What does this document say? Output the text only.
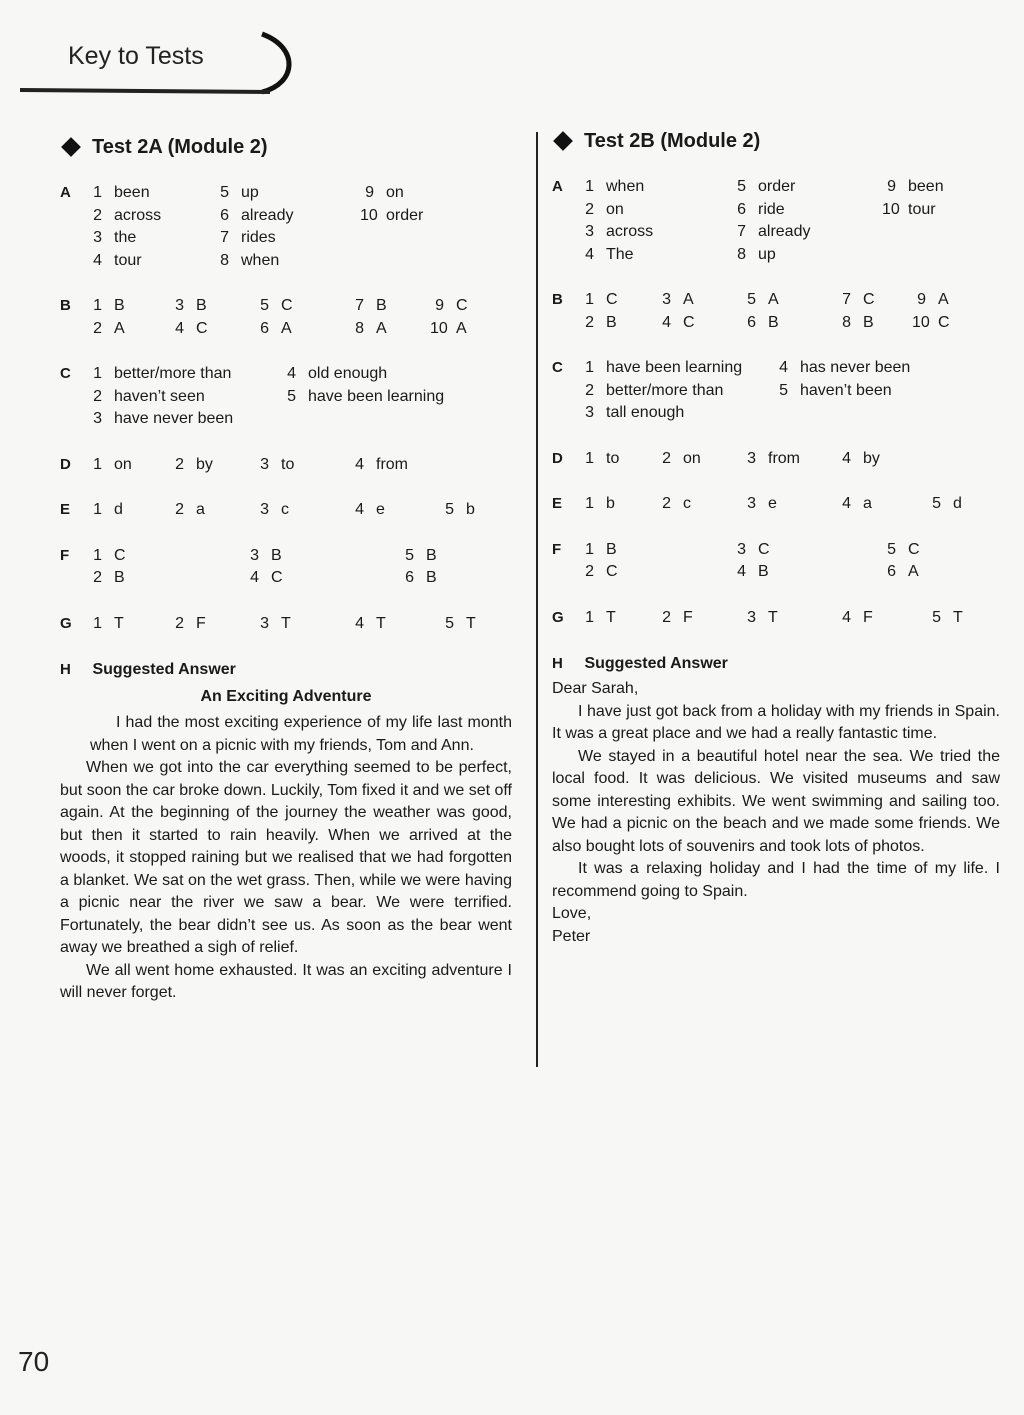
Key to Tests
Test 2A (Module 2)
A	1 been	5 up	9 on
2 across	6 already	10 order
3 the	7 rides
4 tour	8 when
B	1 B	3 B	5 C	7 B	9 C
2 A	4 C	6 A	8 A	10 A
C	1 better/more than	4 old enough
2 haven’t seen	5 have been learning
3 have never been
D	1 on	2 by	3 to	4 from
E	1 d	2 a	3 c	4 e	5 b
F	1 C	3 B	5 B
2 B	4 C	6 B
G	1 T	2 F	3 T	4 T	5 T
H Suggested Answer
An Exciting Adventure

I had the most exciting experience of my life last month when I went on a picnic with my friends, Tom and Ann.

When we got into the car everything seemed to be perfect, but soon the car broke down. Luckily, Tom fixed it and we set off again. At the beginning of the journey the weather was good, but then it started to rain heavily. When we arrived at the woods, it stopped raining but we realised that we had forgotten a blanket. We sat on the wet grass. Then, while we were having a picnic near the river we saw a bear. We were terrified. Fortunately, the bear didn’t see us. As soon as the bear went away we breathed a sigh of relief.

We all went home exhausted. It was an exciting adventure I will never forget.

Test 2B (Module 2)
A	1 when	5 order	9 been
2 on	6 ride	10 tour
3 across	7 already
4 The	8 up
B	1 C	3 A	5 A	7 C	9 A
2 B	4 C	6 B	8 B 10 C
C	1 have been learning	4 has never been
2 better/more than	5 haven’t been
3 tall enough
D	1 to	2 on	3 from	4 by
E	1 b	2 c	3 e	4 a	5 d
F	1 B	3 C	5 C
2 C	4 B	6 A
G	1 T	2 F	3 T	4 F	5 T
H Suggested Answer

Dear Sarah,

I have just got back from a holiday with my friends in Spain. It was a great place and we had a really fantastic time.

We stayed in a beautiful hotel near the sea. We tried the local food. It was delicious. We visited museums and saw some interesting exhibits. We went swimming and sailing too. We had a picnic on the beach and we made some friends. We also bought lots of souvenirs and took lots of photos.

It was a relaxing holiday and I had the time of my life. I recommend going to Spain.

Love,

Peter

70
